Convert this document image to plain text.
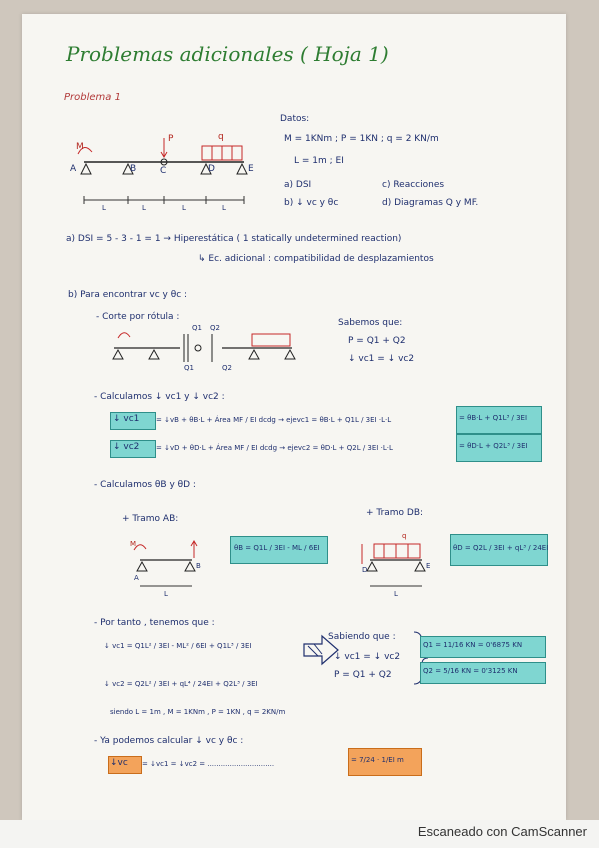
Problemas adicionales ( Hoja 1)
Problema 1
A	B	C	D	E
M
P	q
L	L	L	L
Datos:
M = 1KNm ; P = 1KN ; q = 2 KN/m
L = 1m ; EI
a) DSI	c) Reacciones
b) ↓ vc y θc	d) Diagramas Q y MF.
a) DSI = 5 - 3 - 1 = 1 → Hiperestática ( 1 statically undetermined reaction)
↳ Ec. adicional : compatibilidad de desplazamientos
b) Para encontrar vc y θc :
- Corte por rótula :
Sabemos que:
P = Q1 + Q2
↓ vc1 = ↓ vc2
Q1 Q2
Q1	Q2
- Calculamos ↓ vc1 y ↓ vc2 :
↓ vc1 = ↓vB + θB·L + Área MF / EI dcdg → ejevc1 = θB·L + Q1L / 3EI ·L·L	= θB·L + Q1L³ / 3EI
↓ vc2 = ↓vD + θD·L + Área MF / EI dcdg → ejevc2 = θD·L + Q2L / 3EI ·L·L	= θD·L + Q2L³ / 3EI
- Calculamos θB y θD :
+ Tramo AB:
+ Tramo DB:
θB = Q1L / 3EI - ML / 6EI	θD = Q2L / 3EI + qL³ / 24EI
A
B
L
D	E
L
q
M
- Por tanto , tenemos que :
↓ vc1 = Q1L² / 3EI - ML² / 6EI + Q1L³ / 3EI
↓ vc2 = Q2L² / 3EI + qL⁴ / 24EI + Q2L³ / 3EI
Sabiendo que :
↓ vc1 = ↓ vc2
P = Q1 + Q2
Q1 = 11/16 KN = 0'6875 KN
Q2 = 5/16 KN = 0'3125 KN
siendo L = 1m , M = 1KNm , P = 1KN , q = 2KN/m
- Ya podemos calcular ↓ vc y θc :
↓vc = ↓vc1 = ↓vc2 = ..............................	= 7/24 · 1/EI m
Escaneado con CamScanner
